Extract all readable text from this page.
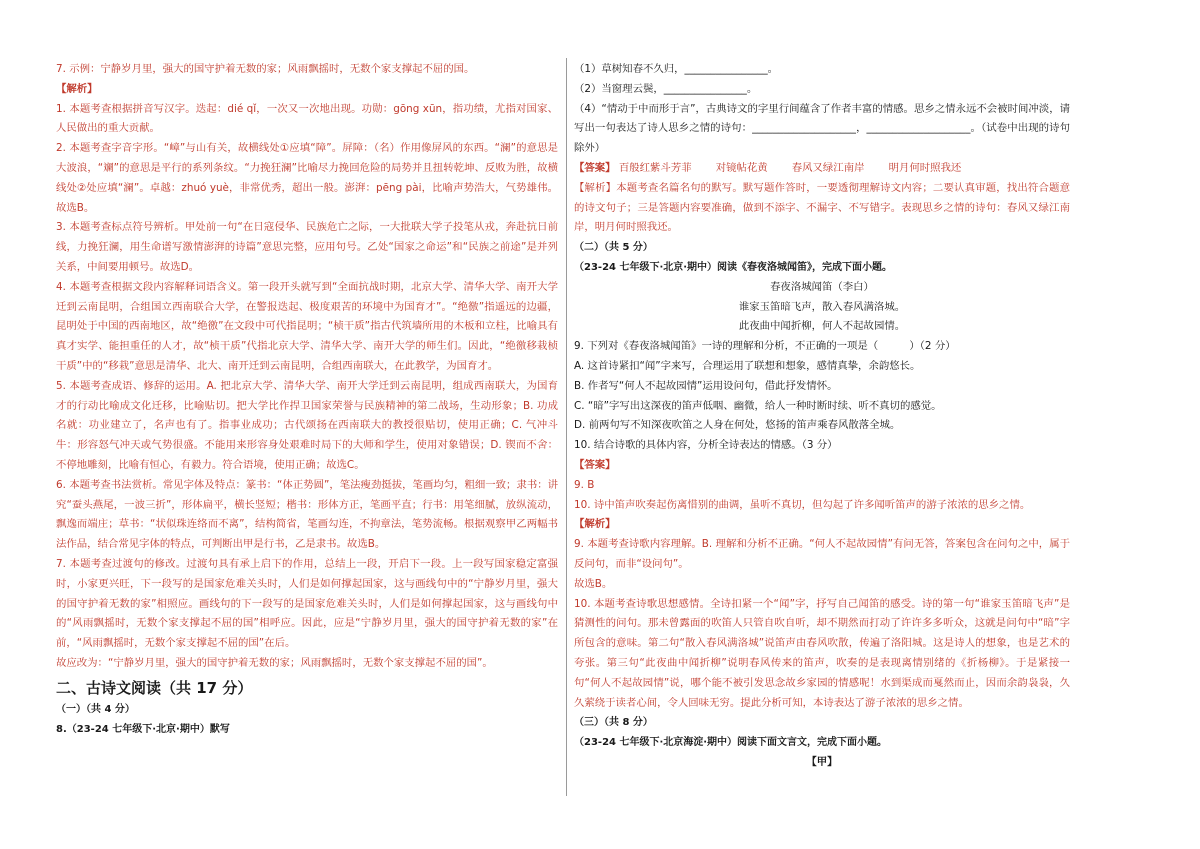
7. 示例：宁静岁月里，强大的国守护着无数的家；风雨飘摇时，无数个家支撑起不屈的国。

【解析】

1. 本题考查根据拼音写汉字。迭起：dié qǐ，一次又一次地出现。功勋：gōng xūn，指功绩，尤指对国家、人民做出的重大贡献。

2. 本题考查字音字形。“嶂”与山有关，故横线处①应填“障”。屏障：（名）作用像屏风的东西。“澜”的意思是大波浪，“斓”的意思是平行的系列条纹。“力挽狂澜”比喻尽力挽回危险的局势并且扭转乾坤、反败为胜，故横线处②处应填“澜”。卓越：zhuó yuè，非常优秀，超出一般。澎湃：pēng pài，比喻声势浩大，气势雄伟。故选B。

3. 本题考查标点符号辨析。甲处前一句“在日寇侵华、民族危亡之际，一大批联大学子投笔从戎，奔赴抗日前线，力挽狂澜，用生命谱写激情澎湃的诗篇”意思完整，应用句号。乙处“国家之命运”和“民族之前途”是并列关系，中间要用顿号。故选D。

4. 本题考查根据文段内容解释词语含义。第一段开头就写到“全面抗战时期，北京大学、清华大学、南开大学迁到云南昆明，合组国立西南联合大学，在警报迭起、极度艰苦的环境中为国育才”。“绝徼”指遥远的边疆，昆明处于中国的西南地区，故“绝徼”在文段中可代指昆明；“桢干质”指古代筑墙所用的木板和立柱，比喻具有真才实学、能担重任的人才，故“桢干质”代指北京大学、清华大学、南开大学的师生们。因此，“绝徼移栽桢干质”中的“移栽”意思是清华、北大、南开迁到云南昆明，合组西南联大，在此教学，为国育才。

5. 本题考查成语、修辞的运用。A. 把北京大学、清华大学、南开大学迁到云南昆明，组成西南联大，为国育才的行动比喻成文化迁移，比喻贴切。把大学比作捍卫国家荣誉与民族精神的第二战场，生动形象；B. 功成名就：功业建立了，名声也有了。指事业成功；古代颂扬在西南联大的教授很贴切，使用正确；C. 气冲斗牛：形容怒气冲天或气势很盛。不能用来形容身处艰难时局下的大师和学生，使用对象错误；D. 锲而不舍：不停地雕刻，比喻有恒心，有毅力。符合语境，使用正确；故选C。

6. 本题考查书法赏析。常见字体及特点：篆书：“体正势圆”，笔法瘦劲挺拔，笔画均匀，粗细一致；隶书：讲究“蚕头燕尾，一波三折”，形体扁平，横长竖短；楷书：形体方正，笔画平直；行书：用笔细腻，放纵流动，飘逸而端庄；草书：“状似珠连络而不离”，结构简省，笔画勾连，不拘章法，笔势流畅。根据观察甲乙两幅书法作品，结合常见字体的特点，可判断出甲是行书，乙是隶书。故选B。

7. 本题考查过渡句的修改。过渡句具有承上启下的作用，总结上一段，开启下一段。上一段写国家稳定富强时，小家更兴旺，下一段写的是国家危难关头时，人们是如何撑起国家，这与画线句中的“宁静岁月里，强大的国守护着无数的家”相照应。画线句的下一段写的是国家危难关头时，人们是如何撑起国家，这与画线句中的“风雨飘摇时，无数个家支撑起不屈的国”相呼应。因此，应是“宁静岁月里，强大的国守护着无数的家”在前，“风雨飘摇时，无数个家支撑起不屈的国”在后。

故应改为：“宁静岁月里，强大的国守护着无数的家；风雨飘摇时，无数个家支撑起不屈的国”。

二、古诗文阅读（共 17 分）

（一）（共 4 分）

8.（23-24 七年级下·北京·期中）默写

（1）草树知春不久归，________________。

（2）当窗理云鬓，________________。

（4）“情动于中而形于言”，古典诗文的字里行间蕴含了作者丰富的情感。思乡之情永远不会被时间冲淡，请写出一句表达了诗人思乡之情的诗句：____________________，____________________。（试卷中出现的诗句除外）

【答案】 百般红紫斗芳菲　　 对镜帖花黄　　 春风又绿江南岸　　 明月何时照我还

【解析】本题考查名篇名句的默写。默写题作答时，一要透彻理解诗文内容；二要认真审题，找出符合题意的诗文句子；三是答题内容要准确，做到不添字、不漏字、不写错字。表现思乡之情的诗句：春风又绿江南岸，明月何时照我还。

（二）（共 5 分）

（23-24 七年级下·北京·期中）阅读《春夜洛城闻笛》，完成下面小题。

春夜洛城闻笛（李白）

谁家玉笛暗飞声，散入春风满洛城。

此夜曲中闻折柳，何人不起故园情。

9. 下列对《春夜洛城闻笛》一诗的理解和分析，不正确的一项是（　　　）（2 分）

A. 这首诗紧扣“闻”字来写，合理运用了联想和想象，感情真挚，余韵悠长。

B. 作者写“何人不起故园情”运用设问句，借此抒发情怀。

C. “暗”字写出这深夜的笛声低咽、幽微，给人一种时断时续、听不真切的感觉。

D. 前两句写不知深夜吹笛之人身在何处，悠扬的笛声乘春风散落全城。

10. 结合诗歌的具体内容，分析全诗表达的情感。（3 分）

【答案】

9. B

10. 诗中笛声吹奏起伤离惜别的曲调，虽听不真切，但勾起了许多闻听笛声的游子浓浓的思乡之情。

【解析】

9. 本题考查诗歌内容理解。B. 理解和分析不正确。“何人不起故园情”有问无答，答案包含在问句之中，属于反问句，而非“设问句”。

故选B。

10. 本题考查诗歌思想感情。全诗扣紧一个“闻”字，抒写自己闻笛的感受。诗的第一句“谁家玉笛暗飞声”是猜测性的问句。那未曾露面的吹笛人只管自吹自听，却不期然而打动了许许多多听众，这就是问句中“暗”字所包含的意味。第二句“散入春风满洛城”说笛声由春风吹散，传遍了洛阳城。这是诗人的想象，也是艺术的夸张。第三句“此夜曲中闻折柳”说明春风传来的笛声，吹奏的是表现离情别绪的《折杨柳》。于是紧接一句“何人不起故园情”说，哪个能不被引发思念故乡家园的情感呢！水到渠成而戛然而止，因而余韵袅袅，久久萦绕于读者心间，令人回味无穷。提此分析可知，本诗表达了游子浓浓的思乡之情。

（三）（共 8 分）

（23-24 七年级下·北京海淀·期中）阅读下面文言文，完成下面小题。

【甲】
